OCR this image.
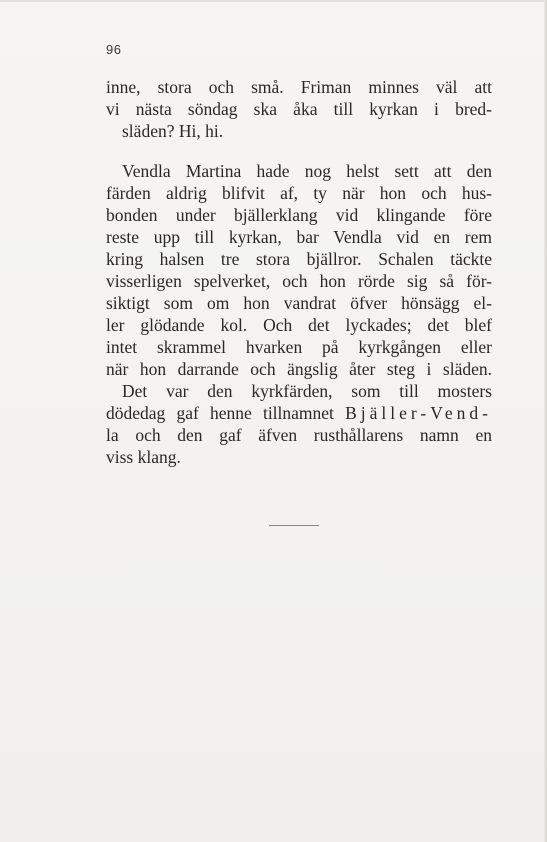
96
inne, stora och små. Friman minnes väl att
vi nästa söndag ska åka till kyrkan i bred-
släden? Hi, hi.
Vendla Martina hade nog helst sett att den
färden aldrig blifvit af, ty när hon och hus-
bonden under bjällerklang vid klingande före
reste upp till kyrkan, bar Vendla vid en rem
kring halsen tre stora bjällror. Schalen täckte
visserligen spelverket, och hon rörde sig så för-
siktigt som om hon vandrat öfver hönsägg el-
ler glödande kol. Och det lyckades; det blef
intet skrammel hvarken på kyrkgången eller
när hon darrande och ängslig åter steg i släden.
Det var den kyrkfärden, som till mosters
dödedag gaf henne tillnamnet Bjäller-Vend-
la och den gaf äfven rusthållarens namn en
viss klang.
